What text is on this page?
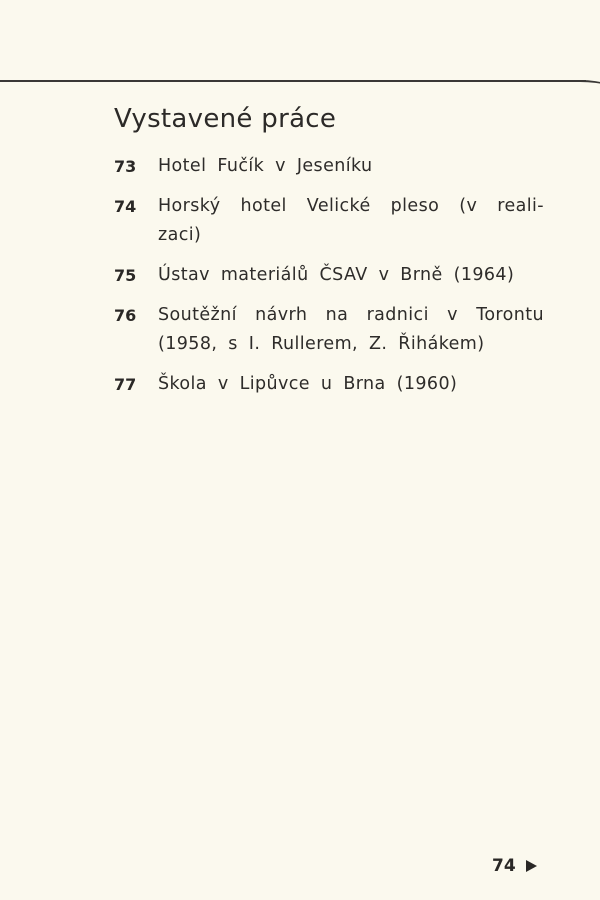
Vystavené práce
73	Hotel Fučík v Jeseníku
74	Horský hotel Velické pleso (v reali- zaci)
75	Ústav materiálů ČSAV v Brně (1964)
76	Soutěžní návrh na radnici v Torontu (1958, s I. Rullerem, Z. Řihákem)
77	Škola v Lipůvce u Brna (1960)
74
